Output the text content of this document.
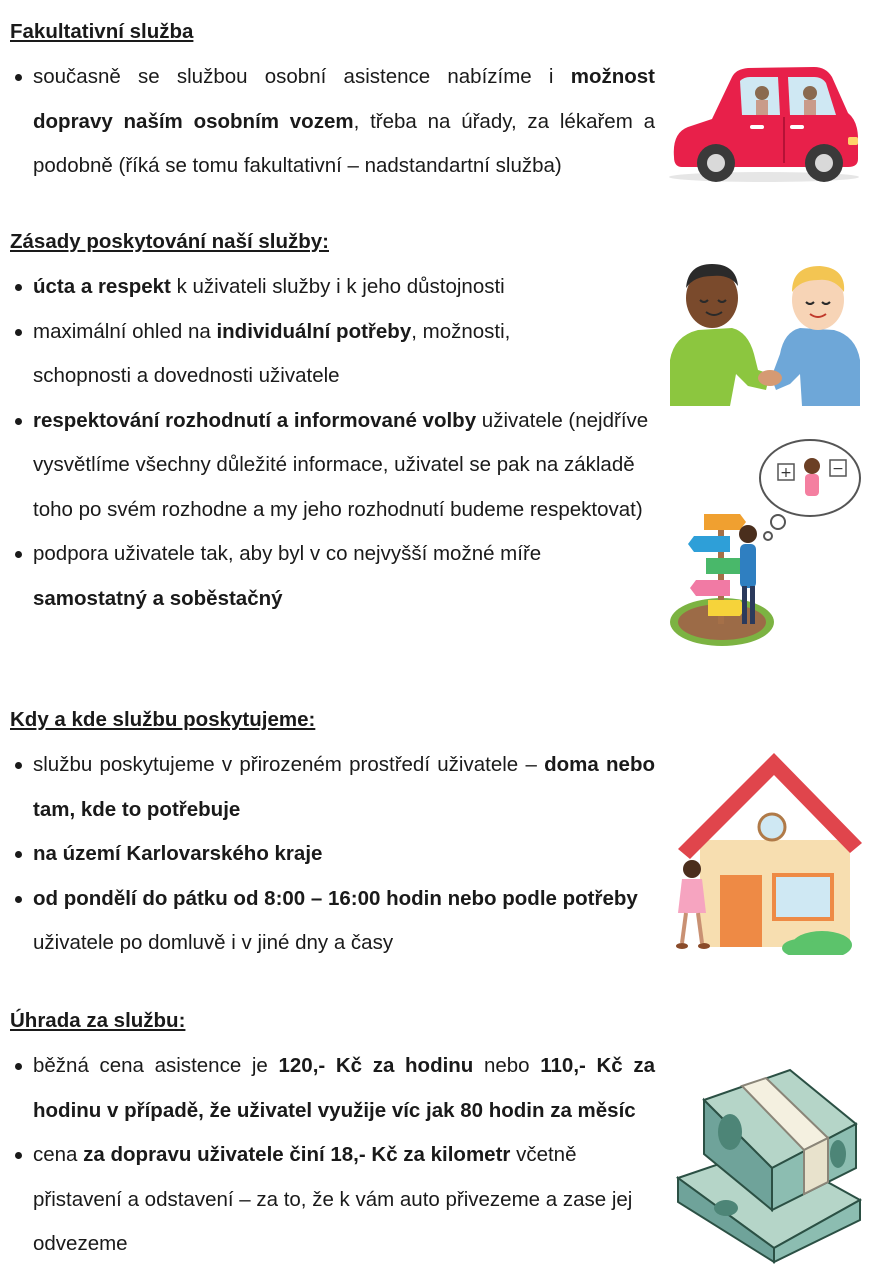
Fakultativní služba
současně se službou osobní asistence nabízíme i možnost dopravy naším osobním vozem, třeba na úřady, za lékařem a podobně (říká se tomu fakultativní – nadstandartní služba)
Zásady poskytování naší služby:
úcta a respekt k uživateli služby i k jeho důstojnosti
maximální ohled na individuální potřeby, možnosti, schopnosti a dovednosti uživatele
respektování rozhodnutí a informované volby uživatele (nejdříve vysvětlíme všechny důležité informace, uživatel se pak na základě toho po svém rozhodne a my jeho rozhodnutí budeme respektovat)
podpora uživatele tak, aby byl v co nejvyšší možné míře samostatný a soběstačný
Kdy a kde službu poskytujeme:
službu poskytujeme v přirozeném prostředí uživatele – doma nebo tam, kde to potřebuje
na území Karlovarského kraje
od pondělí do pátku od 8:00 – 16:00 hodin nebo podle potřeby uživatele po domluvě i v jiné dny a časy
Úhrada za službu:
běžná cena asistence je 120,- Kč za hodinu nebo 110,- Kč za hodinu v případě, že uživatel využije víc jak 80 hodin za měsíc
cena za dopravu uživatele činí 18,- Kč za kilometr včetně přistavení a odstavení – za to, že k vám auto přivezeme a zase jej odvezeme
+	−
